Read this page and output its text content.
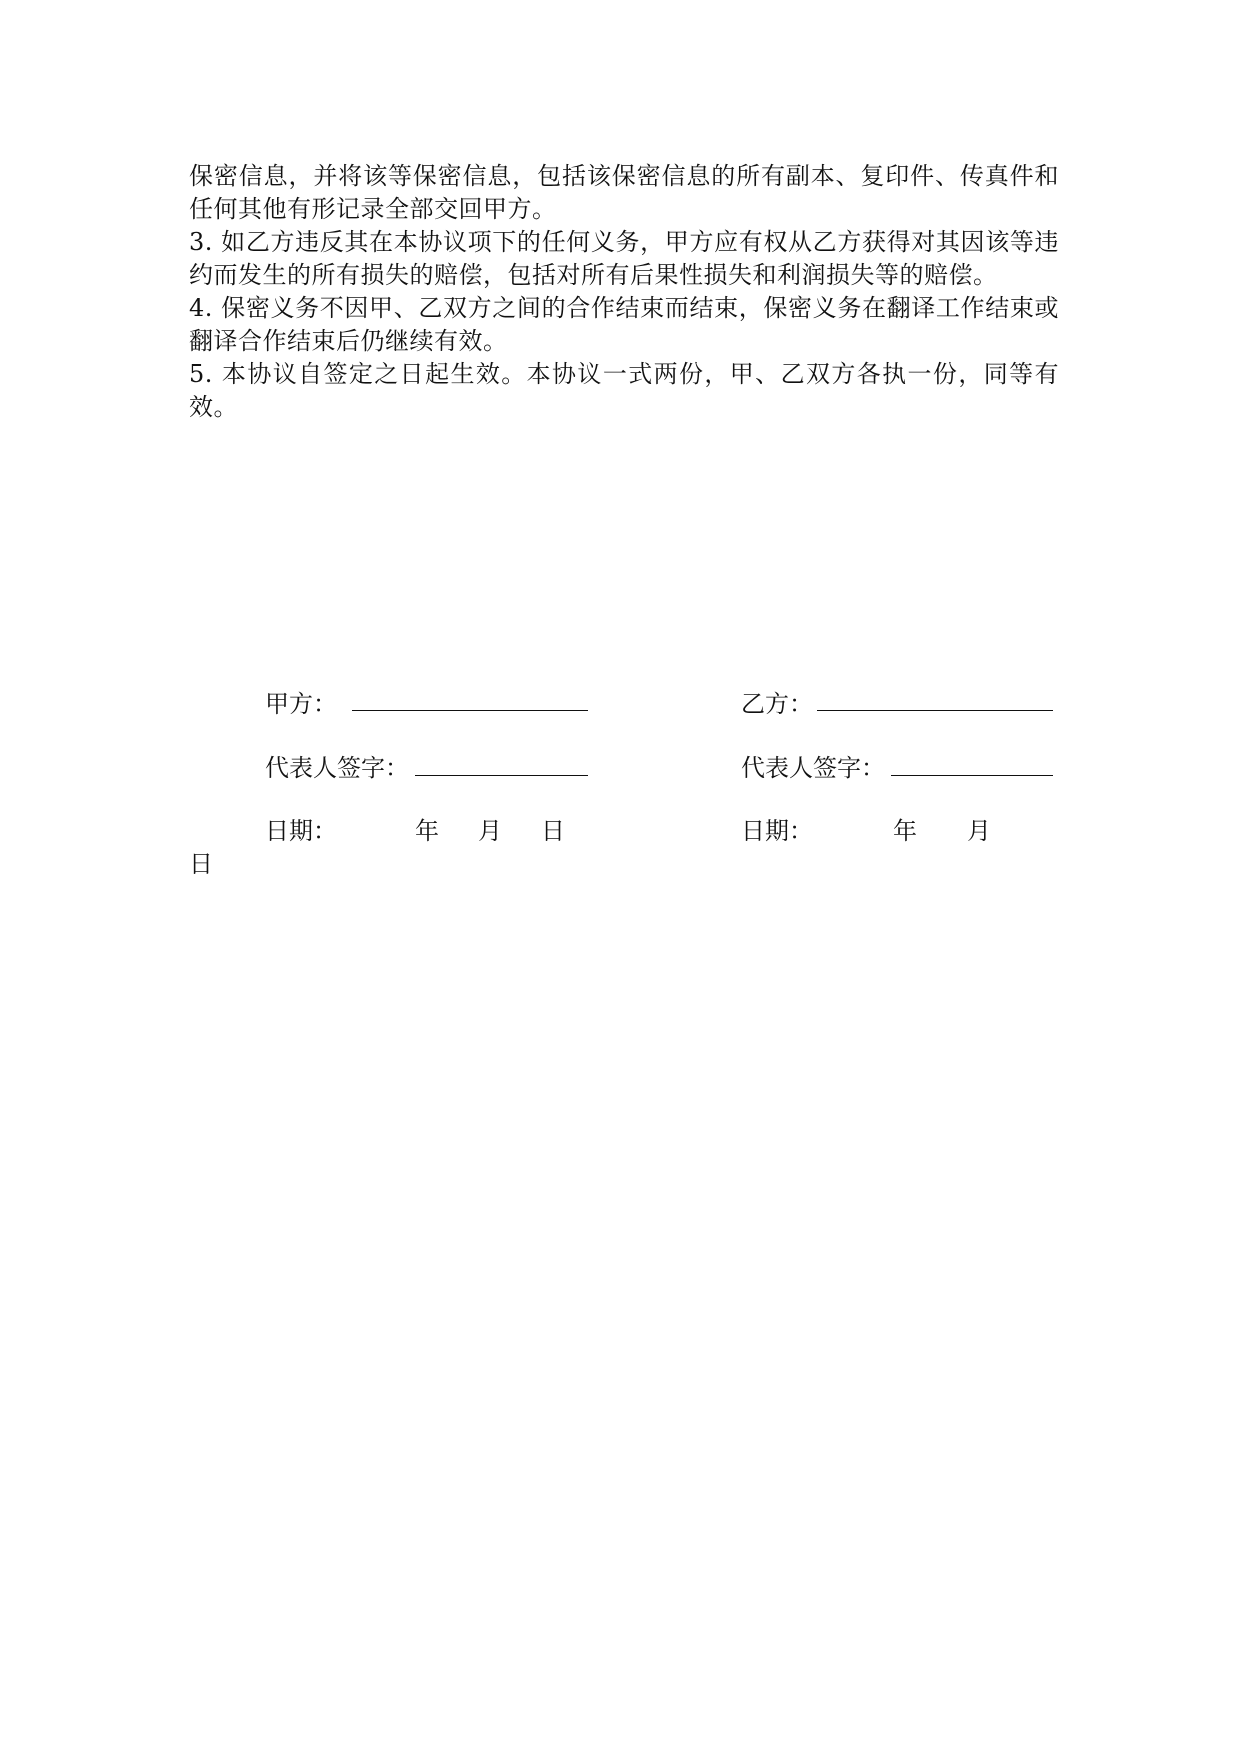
保密信息，并将该等保密信息，包括该保密信息的所有副本、复印件、传真件和任何其他有形记录全部交回甲方。

3. 如乙方违反其在本协议项下的任何义务，甲方应有权从乙方获得对其因该等违约而发生的所有损失的赔偿，包括对所有后果性损失和利润损失等的赔偿。

4. 保密义务不因甲、乙双方之间的合作结束而结束，保密义务在翻译工作结束或翻译合作结束后仍继续有效。

5. 本协议自签定之日起生效。本协议一式两份，甲、乙双方各执一份，同等有效。

甲方：
代表人签字：
日期：	年 月 日
乙方：
代表人签字：
日期：	年 月
日
